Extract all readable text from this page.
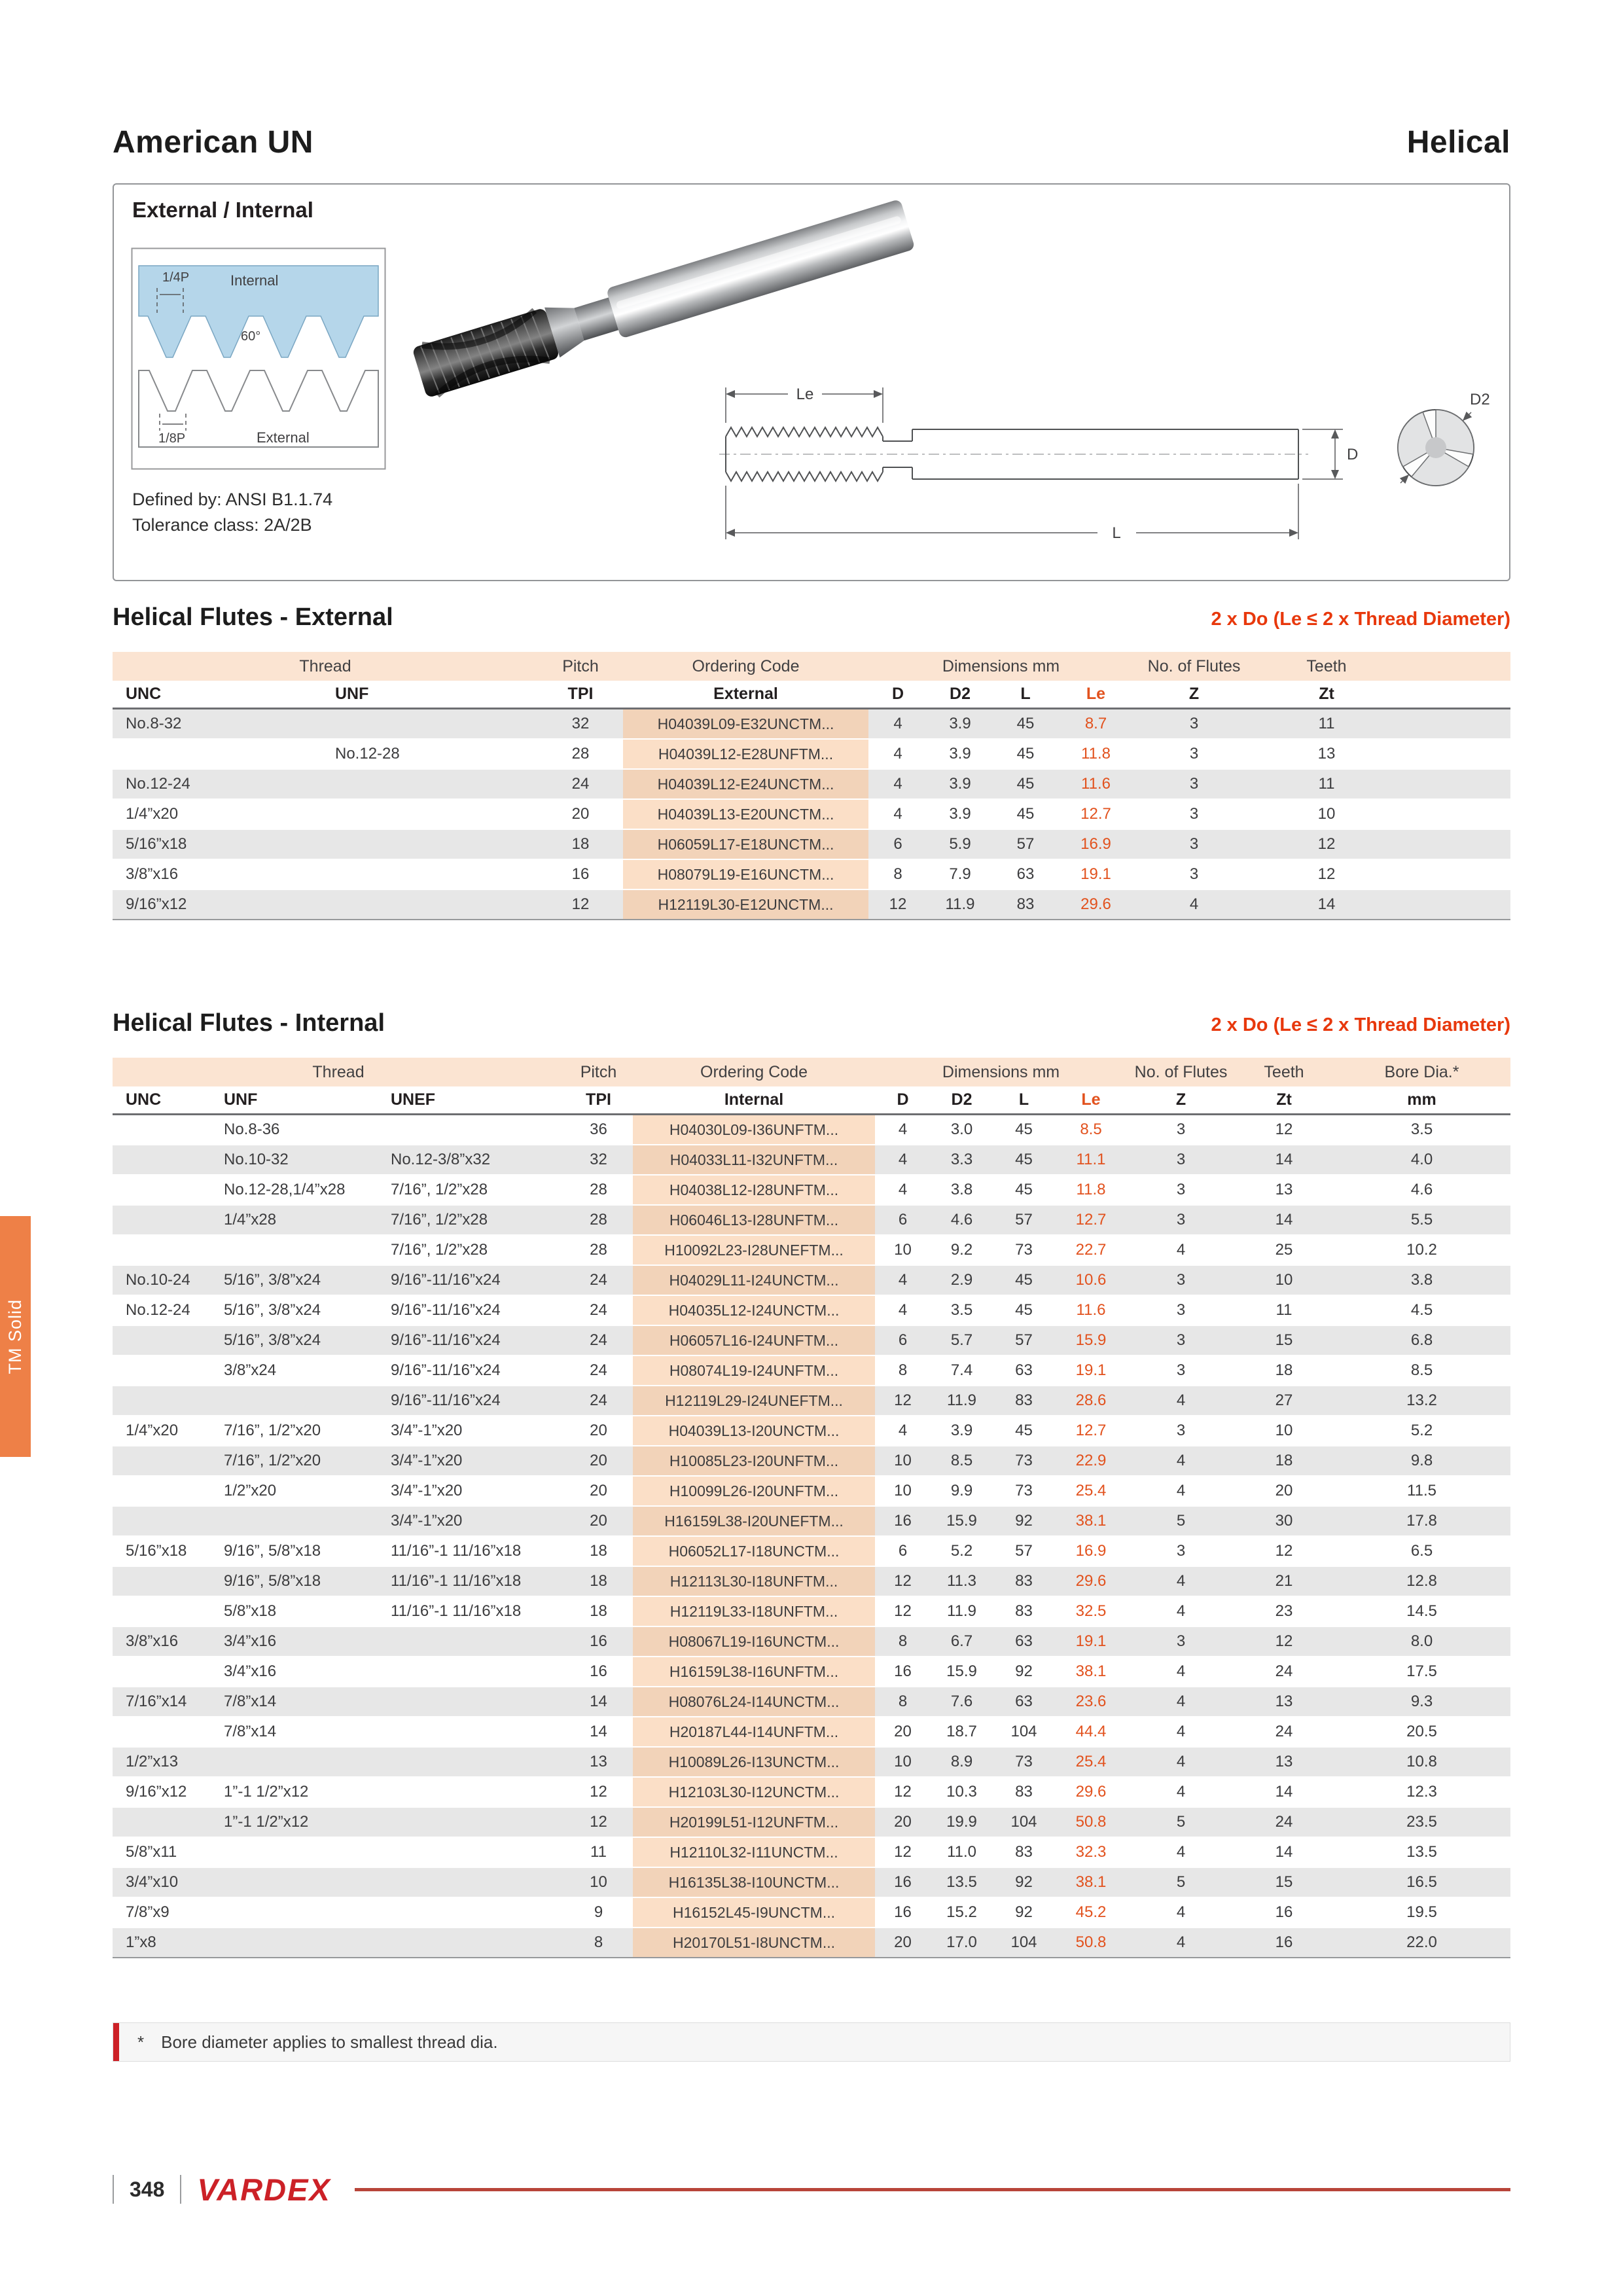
American UN	Helical
TM Solid
External / Internal
1/4P	Internal
60°
1/8P	External
Le
L
D
D2
Defined by: ANSI B1.1.74
Tolerance class: 2A/2B
Helical Flutes - External	2 x Do (Le ≤ 2 x Thread Diameter)
Thread		Pitch	Ordering Code	Dimensions mm				No. of Flutes	Teeth	
UNC	UNF	TPI	External	D	D2	L	Le	Z	Zt	
No.8-32		32	H04039L09-E32UNCTM...	4	3.9	45	8.7	3	11	
	No.12-28	28	H04039L12-E28UNFTM...	4	3.9	45	11.8	3	13	
No.12-24		24	H04039L12-E24UNCTM...	4	3.9	45	11.6	3	11	
1/4”x20		20	H04039L13-E20UNCTM...	4	3.9	45	12.7	3	10	
5/16”x18		18	H06059L17-E18UNCTM...	6	5.9	57	16.9	3	12	
3/8”x16		16	H08079L19-E16UNCTM...	8	7.9	63	19.1	3	12	
9/16”x12		12	H12119L30-E12UNCTM...	12	11.9	83	29.6	4	14	
Helical Flutes - Internal	2 x Do (Le ≤ 2 x Thread Diameter)
Thread			Pitch	Ordering Code	Dimensions mm				No. of Flutes	Teeth	Bore Dia.*
UNC	UNF	UNEF	TPI	Internal	D	D2	L	Le	Z	Zt	mm
	No.8-36		36	H04030L09-I36UNFTM...	4	3.0	45	8.5	3	12	3.5
	No.10-32	No.12-3/8”x32	32	H04033L11-I32UNFTM...	4	3.3	45	11.1	3	14	4.0
	No.12-28,1/4”x28	7/16”, 1/2”x28	28	H04038L12-I28UNFTM...	4	3.8	45	11.8	3	13	4.6
	1/4”x28	7/16”, 1/2”x28	28	H06046L13-I28UNFTM...	6	4.6	57	12.7	3	14	5.5
		7/16”, 1/2”x28	28	H10092L23-I28UNEFTM...	10	9.2	73	22.7	4	25	10.2
No.10-24	5/16”, 3/8”x24	9/16”-11/16”x24	24	H04029L11-I24UNCTM...	4	2.9	45	10.6	3	10	3.8
No.12-24	5/16”, 3/8”x24	9/16”-11/16”x24	24	H04035L12-I24UNCTM...	4	3.5	45	11.6	3	11	4.5
	5/16”, 3/8”x24	9/16”-11/16”x24	24	H06057L16-I24UNFTM...	6	5.7	57	15.9	3	15	6.8
	3/8”x24	9/16”-11/16”x24	24	H08074L19-I24UNFTM...	8	7.4	63	19.1	3	18	8.5
		9/16”-11/16”x24	24	H12119L29-I24UNEFTM...	12	11.9	83	28.6	4	27	13.2
1/4”x20	7/16”, 1/2”x20	3/4”-1”x20	20	H04039L13-I20UNCTM...	4	3.9	45	12.7	3	10	5.2
	7/16”, 1/2”x20	3/4”-1”x20	20	H10085L23-I20UNFTM...	10	8.5	73	22.9	4	18	9.8
	1/2”x20	3/4”-1”x20	20	H10099L26-I20UNFTM...	10	9.9	73	25.4	4	20	11.5
		3/4”-1”x20	20	H16159L38-I20UNEFTM...	16	15.9	92	38.1	5	30	17.8
5/16”x18	9/16”, 5/8”x18	11/16”-1 11/16”x18	18	H06052L17-I18UNCTM...	6	5.2	57	16.9	3	12	6.5
	9/16”, 5/8”x18	11/16”-1 11/16”x18	18	H12113L30-I18UNFTM...	12	11.3	83	29.6	4	21	12.8
	5/8”x18	11/16”-1 11/16”x18	18	H12119L33-I18UNFTM...	12	11.9	83	32.5	4	23	14.5
3/8”x16	3/4”x16		16	H08067L19-I16UNCTM...	8	6.7	63	19.1	3	12	8.0
	3/4”x16		16	H16159L38-I16UNFTM...	16	15.9	92	38.1	4	24	17.5
7/16”x14	7/8”x14		14	H08076L24-I14UNCTM...	8	7.6	63	23.6	4	13	9.3
	7/8”x14		14	H20187L44-I14UNFTM...	20	18.7	104	44.4	4	24	20.5
1/2”x13			13	H10089L26-I13UNCTM...	10	8.9	73	25.4	4	13	10.8
9/16”x12	1”-1 1/2”x12		12	H12103L30-I12UNCTM...	12	10.3	83	29.6	4	14	12.3
	1”-1 1/2”x12		12	H20199L51-I12UNFTM...	20	19.9	104	50.8	5	24	23.5
5/8”x11			11	H12110L32-I11UNCTM...	12	11.0	83	32.3	4	14	13.5
3/4”x10			10	H16135L38-I10UNCTM...	16	13.5	92	38.1	5	15	16.5
7/8”x9			9	H16152L45-I9UNCTM...	16	15.2	92	45.2	4	16	19.5
1”x8			8	H20170L51-I8UNCTM...	20	17.0	104	50.8	4	16	22.0
* Bore diameter applies to smallest thread dia.
348 VARDEX
